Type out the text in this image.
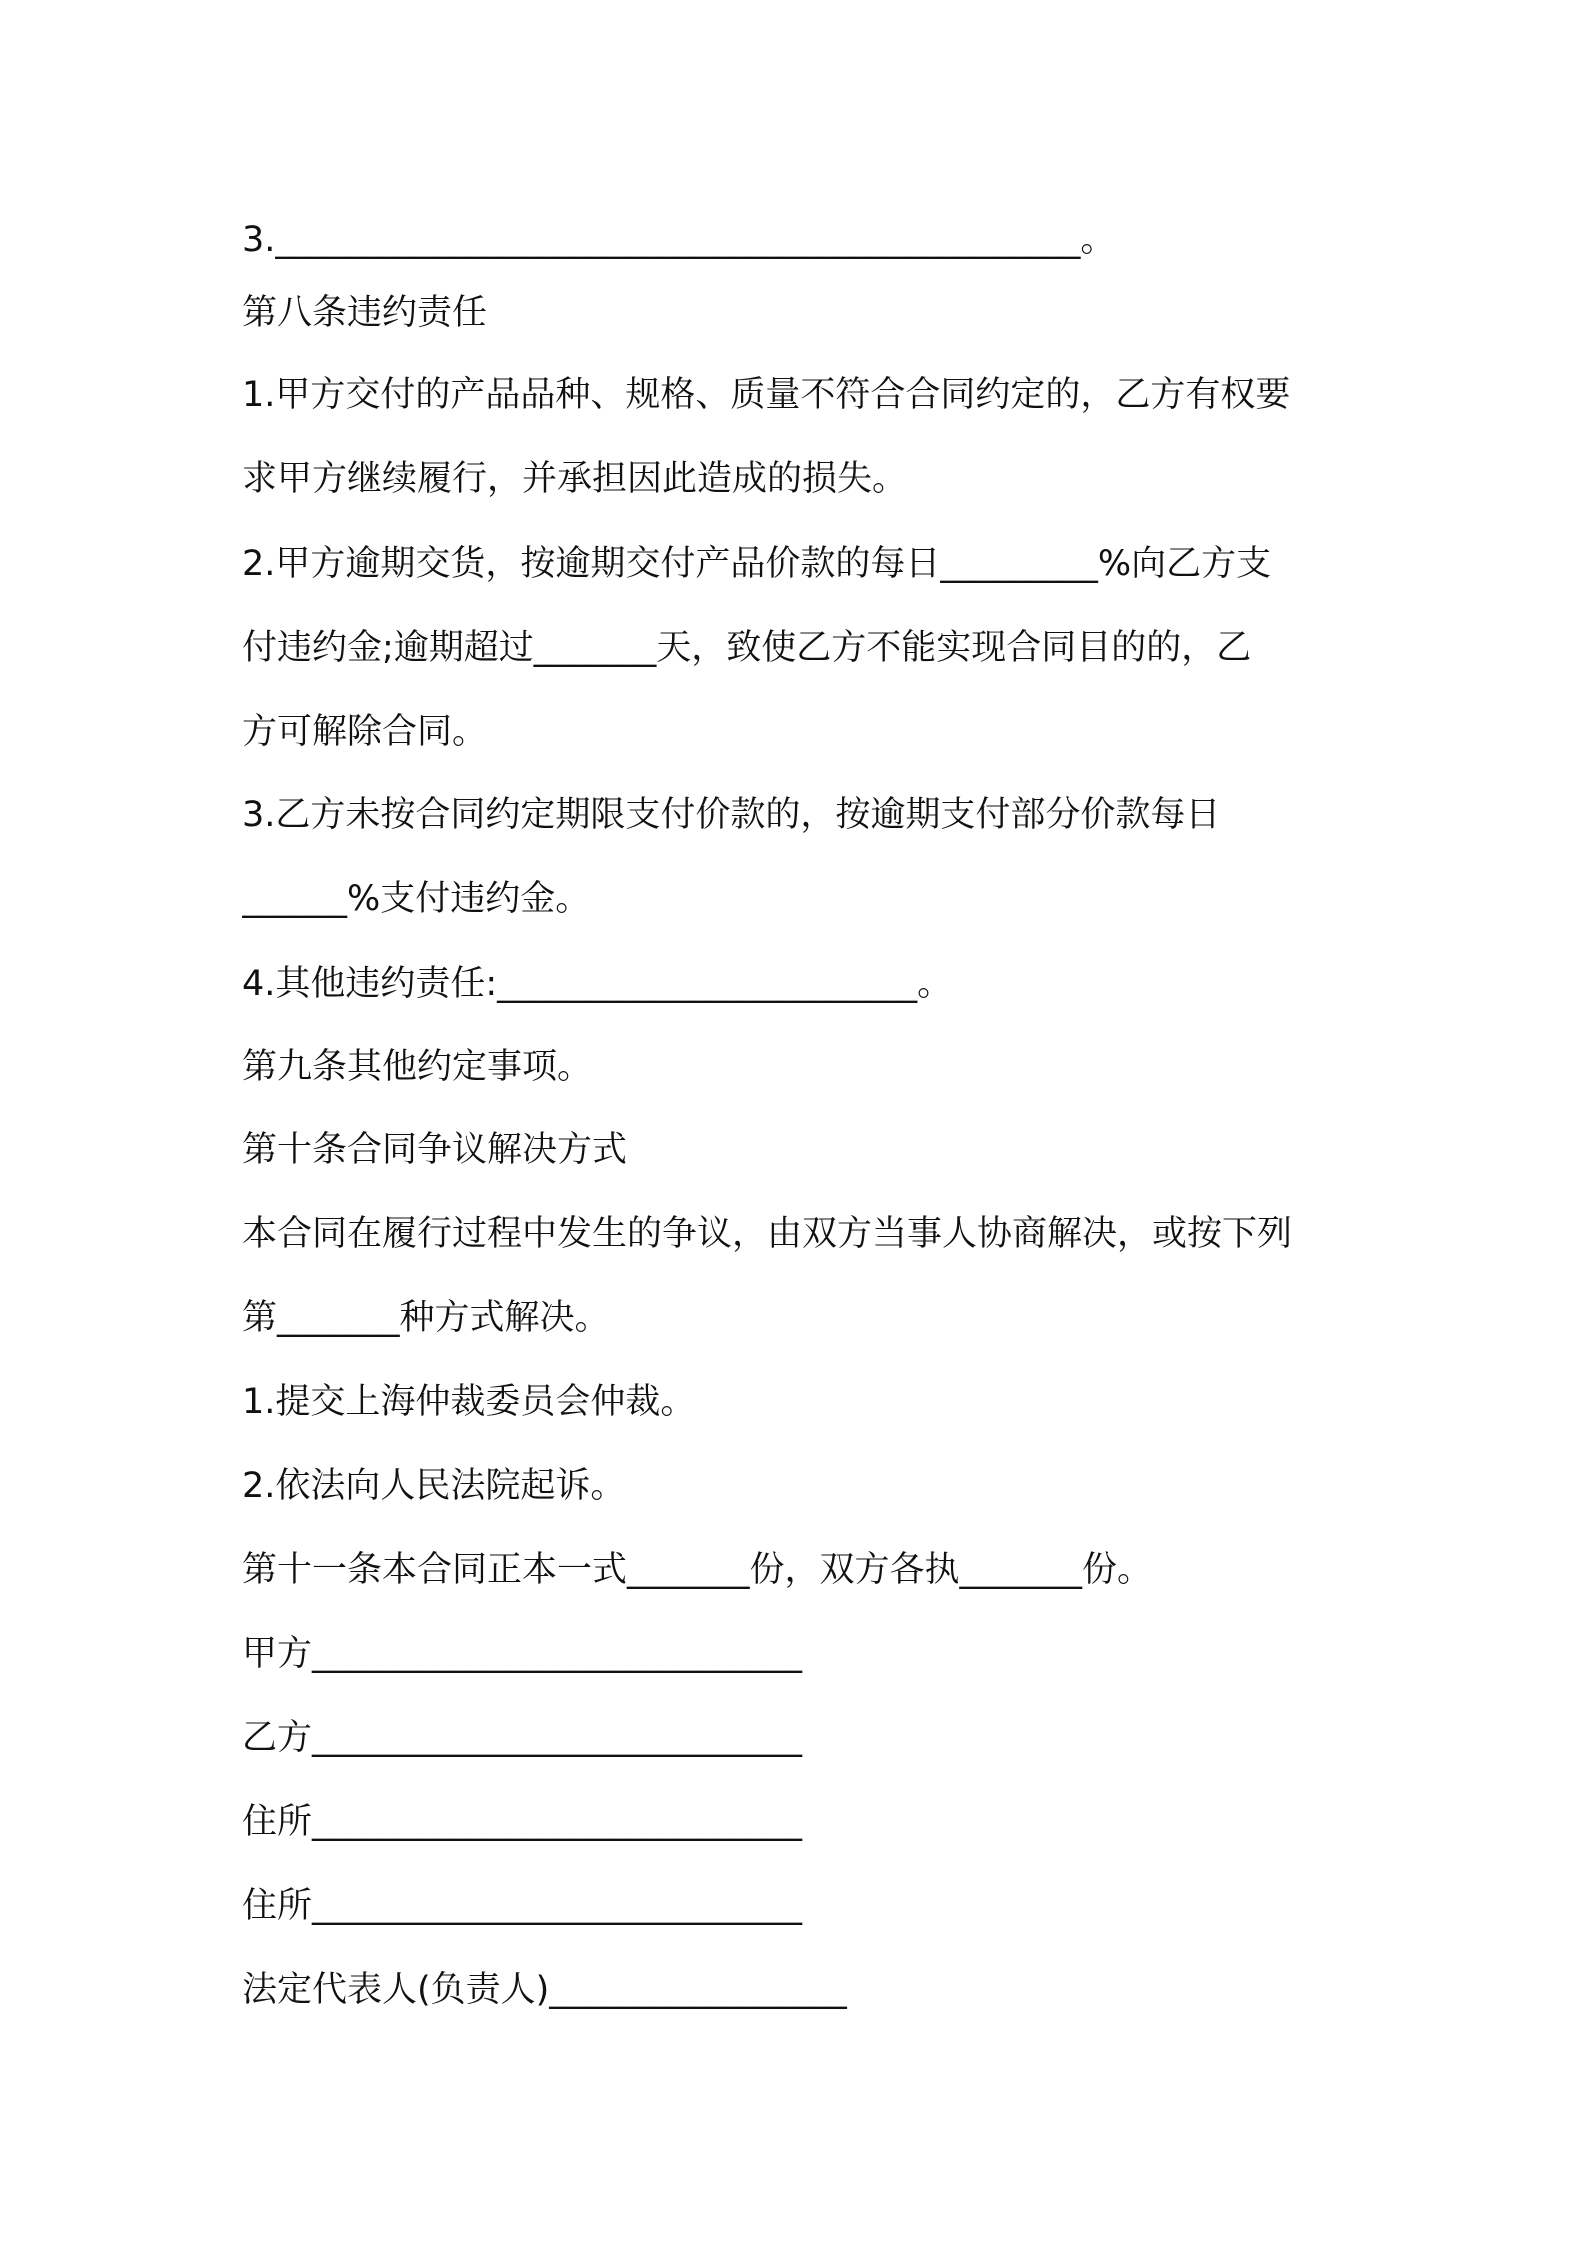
3.______________________________________________。
第八条违约责任
1.甲方交付的产品品种、规格、质量不符合合同约定的，乙方有权要
求甲方继续履行，并承担因此造成的损失。
2.甲方逾期交货，按逾期交付产品价款的每日_________%向乙方支
付违约金;逾期超过_______天，致使乙方不能实现合同目的的，乙
方可解除合同。
3.乙方未按合同约定期限支付价款的，按逾期支付部分价款每日
______%支付违约金。
4.其他违约责任:________________________。
第九条其他约定事项。
第十条合同争议解决方式
本合同在履行过程中发生的争议，由双方当事人协商解决，或按下列
第_______种方式解决。
1.提交上海仲裁委员会仲裁。
2.依法向人民法院起诉。
第十一条本合同正本一式_______份，双方各执_______份。
甲方____________________________
乙方____________________________
住所____________________________
住所____________________________
法定代表人(负责人)_________________
